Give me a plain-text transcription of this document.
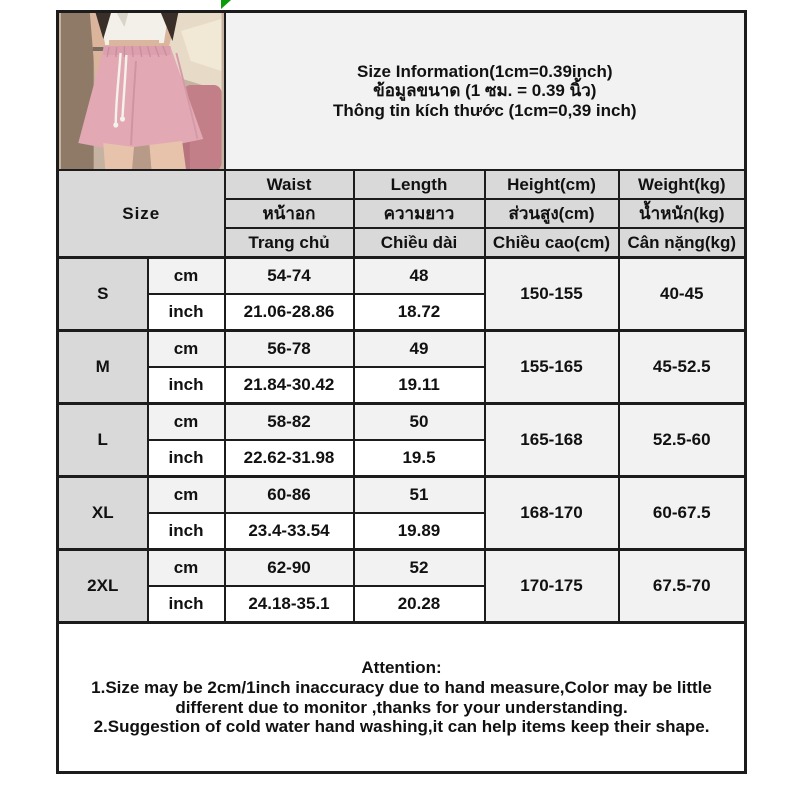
Size Information(1cm=0.39inch)
ข้อมูลขนาด (1 ซม. = 0.39 นิ้ว)
Thông tin kích thước (1cm=0,39 inch)			

Size		Waist	Length	Height(cm)	Weight(kg)
		หน้าอก	ความยาว	ส่วนสูง(cm)	น้ำหนัก(kg)
		Trang chủ	Chiều dài	Chiều cao(cm)	Cân nặng(kg)
S	cm	54-74	48	150-155	40-45
	inch	21.06-28.86	18.72		
M	cm	56-78	49	155-165	45-52.5
	inch	21.84-30.42	19.11		
L	cm	58-82	50	165-168	52.5-60
	inch	22.62-31.98	19.5		
XL	cm	60-86	51	168-170	60-67.5
	inch	23.4-33.54	19.89		
2XL	cm	62-90	52	170-175	67.5-70
	inch	24.18-35.1	20.28		

Attention:
1.Size may be 2cm/1inch inaccuracy due to hand measure,Color may be little different due to monitor ,thanks for your understanding.
2.Suggestion of cold water hand washing,it can help items keep their shape.					
